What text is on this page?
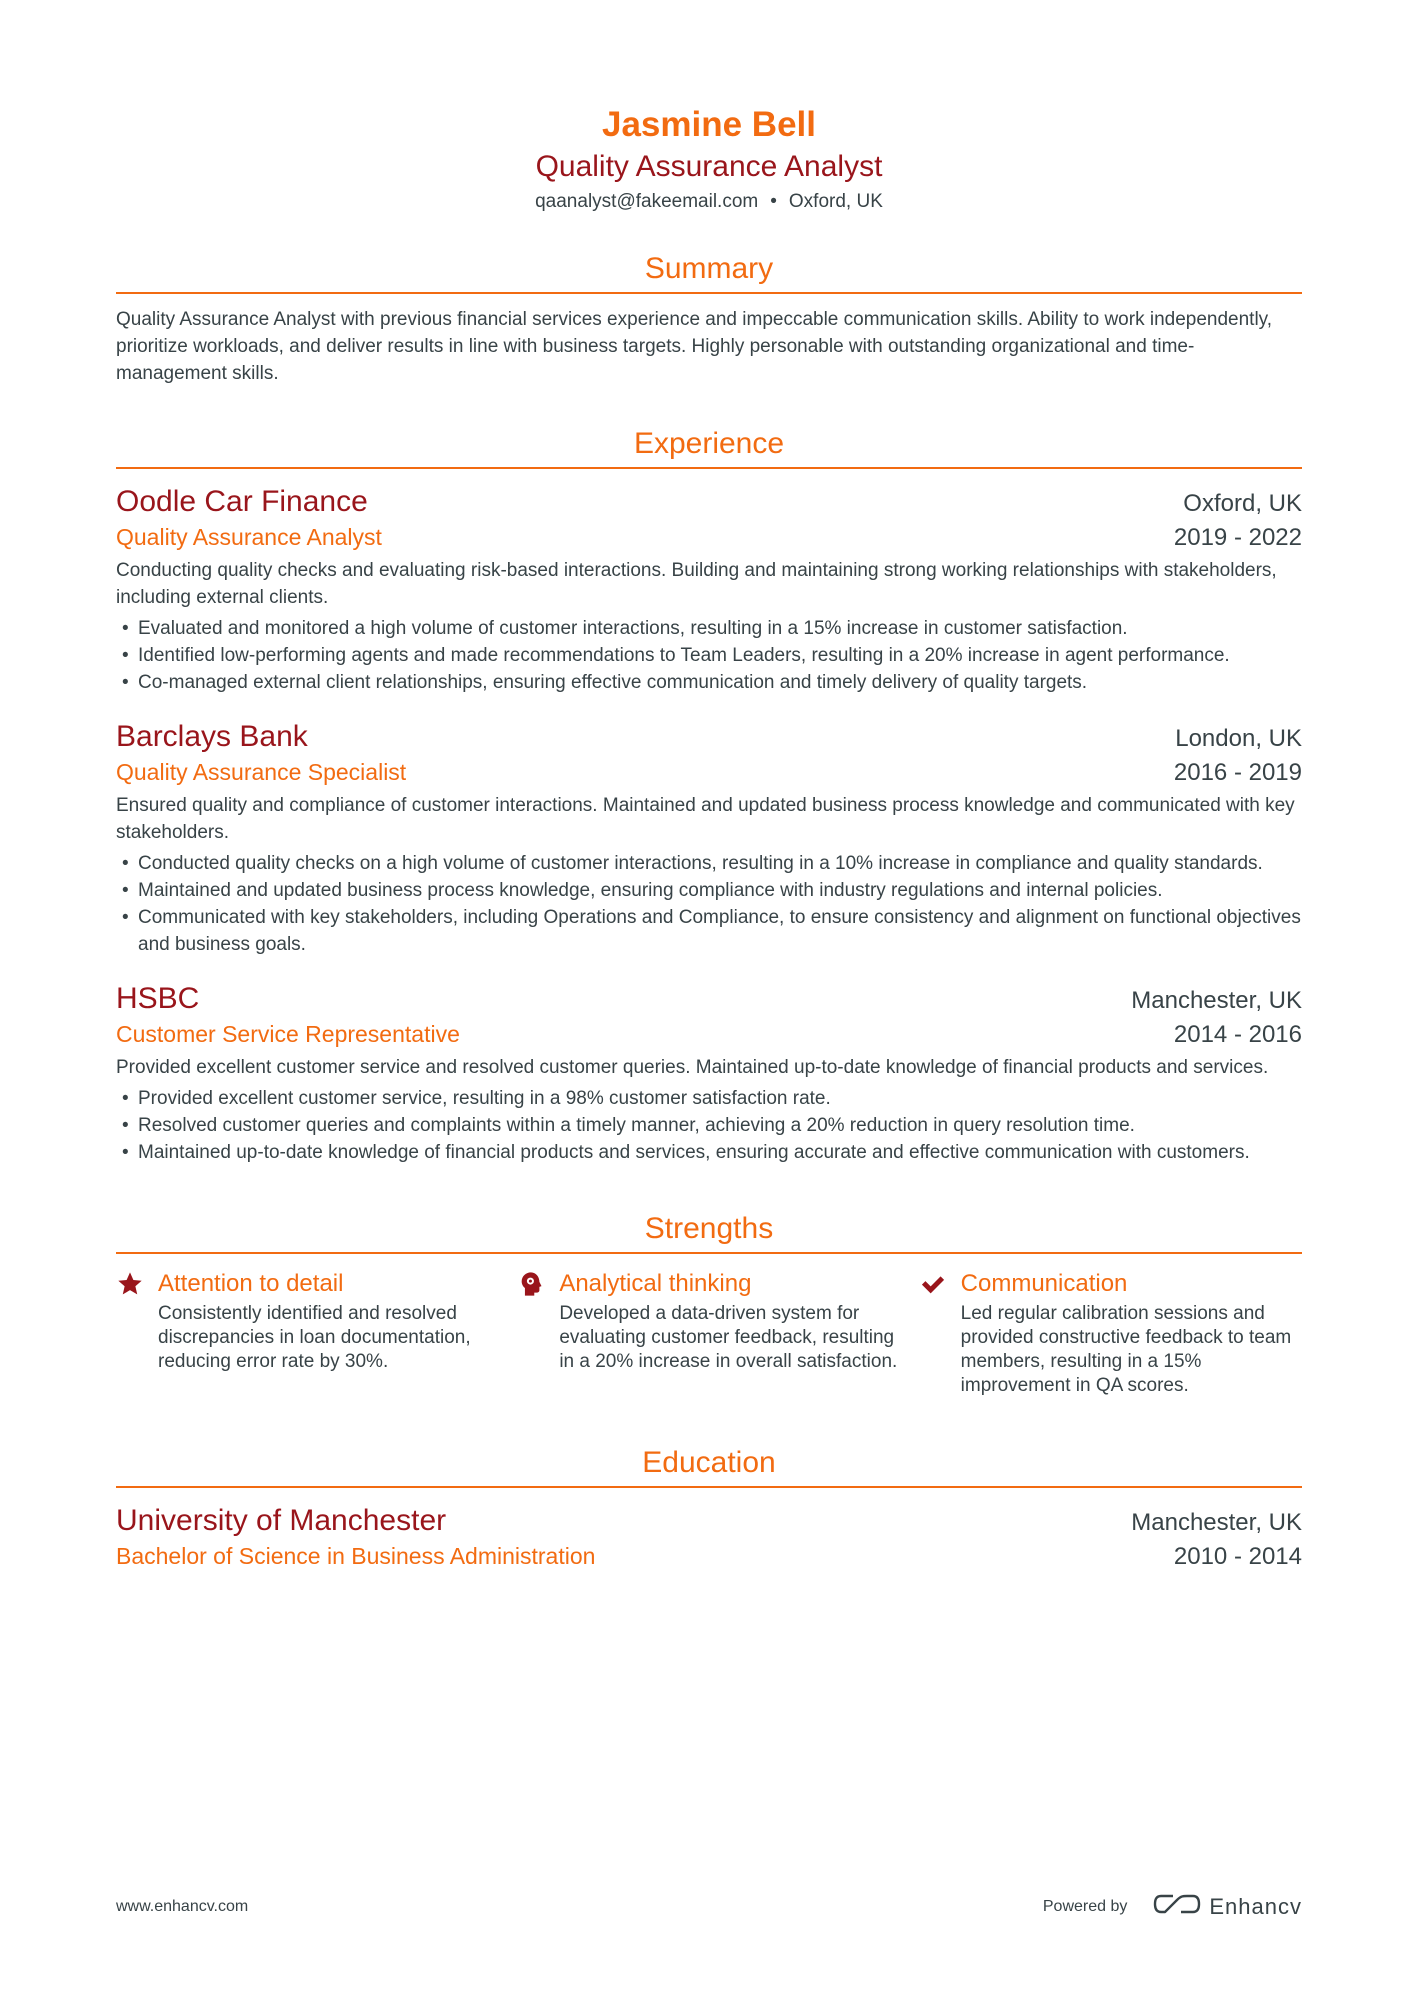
Jasmine Bell
Quality Assurance Analyst
qaanalyst@fakeemail.com • Oxford, UK
Summary

Quality Assurance Analyst with previous financial services experience and impeccable communication skills. Ability to work independently, prioritize workloads, and deliver results in line with business targets. Highly personable with outstanding organizational and time-management skills.

Experience
Oodle Car Finance	Oxford, UK
Quality Assurance Analyst	2019 - 2022

Conducting quality checks and evaluating risk-based interactions. Building and maintaining strong working relationships with stakeholders, including external clients.

• Evaluated and monitored a high volume of customer interactions, resulting in a 15% increase in customer satisfaction.
• Identified low-performing agents and made recommendations to Team Leaders, resulting in a 20% increase in agent performance.
• Co-managed external client relationships, ensuring effective communication and timely delivery of quality targets.
Barclays Bank	London, UK
Quality Assurance Specialist	2016 - 2019

Ensured quality and compliance of customer interactions. Maintained and updated business process knowledge and communicated with key stakeholders.

• Conducted quality checks on a high volume of customer interactions, resulting in a 10% increase in compliance and quality standards.
• Maintained and updated business process knowledge, ensuring compliance with industry regulations and internal policies.
• Communicated with key stakeholders, including Operations and Compliance, to ensure consistency and alignment on functional objectives and business goals.
HSBC	Manchester, UK
Customer Service Representative	2014 - 2016

Provided excellent customer service and resolved customer queries. Maintained up-to-date knowledge of financial products and services.

• Provided excellent customer service, resulting in a 98% customer satisfaction rate.
• Resolved customer queries and complaints within a timely manner, achieving a 20% reduction in query resolution time.
• Maintained up-to-date knowledge of financial products and services, ensuring accurate and effective communication with customers.
Strengths
Attention to detail
Consistently identified and resolved discrepancies in loan documentation, reducing error rate by 30%.
Analytical thinking
Developed a data-driven system for evaluating customer feedback, resulting in a 20% increase in overall satisfaction.
Communication
Led regular calibration sessions and provided constructive feedback to team members, resulting in a 15% improvement in QA scores.
Education
University of Manchester	Manchester, UK
Bachelor of Science in Business Administration	2010 - 2014
www.enhancv.com	Powered by	Enhancv
